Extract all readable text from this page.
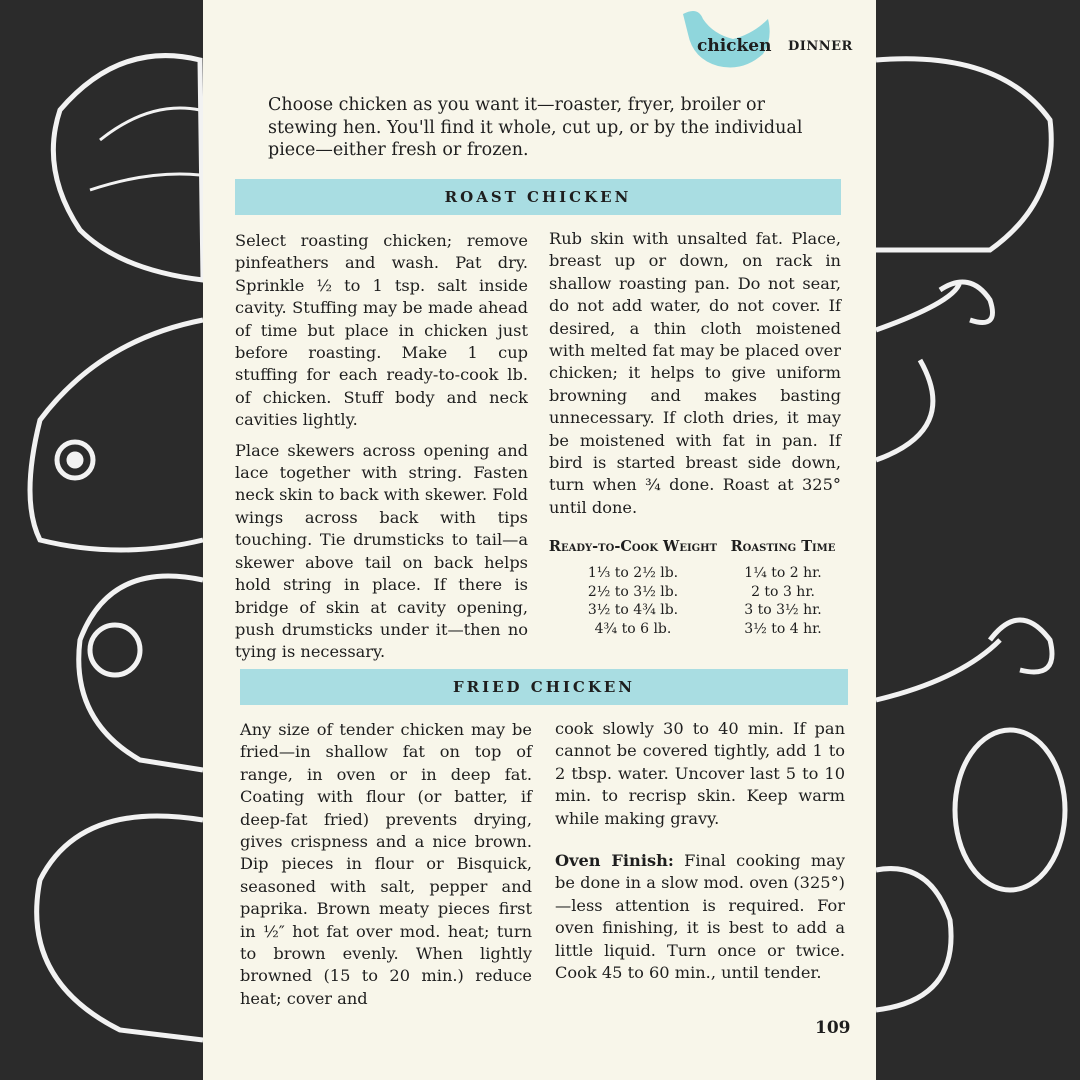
chicken DINNER

Choose chicken as you want it—roaster, fryer, broiler or stewing hen. You'll find it whole, cut up, or by the individual piece—either fresh or frozen.

ROAST CHICKEN

Select roasting chicken; remove pinfeathers and wash. Pat dry. Sprinkle ½ to 1 tsp. salt inside cavity. Stuffing may be made ahead of time but place in chicken just before roasting. Make 1 cup stuffing for each ready-to-cook lb. of chicken. Stuff body and neck cavities lightly.

Place skewers across opening and lace together with string. Fasten neck skin to back with skewer. Fold wings across back with tips touching. Tie drumsticks to tail—a skewer above tail on back helps hold string in place. If there is bridge of skin at cavity opening, push drumsticks under it—then no tying is necessary.

Rub skin with unsalted fat. Place, breast up or down, on rack in shallow roasting pan. Do not sear, do not add water, do not cover. If desired, a thin cloth moistened with melted fat may be placed over chicken; it helps to give uniform browning and makes basting unnecessary. If cloth dries, it may be moistened with fat in pan. If bird is started breast side down, turn when ¾ done. Roast at 325° until done.

Ready-to-Cook Weight Roasting Time
1⅓ to 2½ lb.	1¼ to 2 hr.
2½ to 3½ lb.	2 to 3 hr.
3½ to 4¾ lb.	3 to 3½ hr.
4¾ to 6 lb.	3½ to 4 hr.
FRIED CHICKEN

Any size of tender chicken may be fried—in shallow fat on top of range, in oven or in deep fat. Coating with flour (or batter, if deep-fat fried) prevents drying, gives crispness and a nice brown. Dip pieces in flour or Bisquick, seasoned with salt, pepper and paprika. Brown meaty pieces first in ½″ hot fat over mod. heat; turn to brown evenly. When lightly browned (15 to 20 min.) reduce heat; cover and

cook slowly 30 to 40 min. If pan cannot be covered tightly, add 1 to 2 tbsp. water. Uncover last 5 to 10 min. to recrisp skin. Keep warm while making gravy.

Oven Finish: Final cooking may be done in a slow mod. oven (325°)—less attention is required. For oven finishing, it is best to add a little liquid. Turn once or twice. Cook 45 to 60 min., until tender.

109
